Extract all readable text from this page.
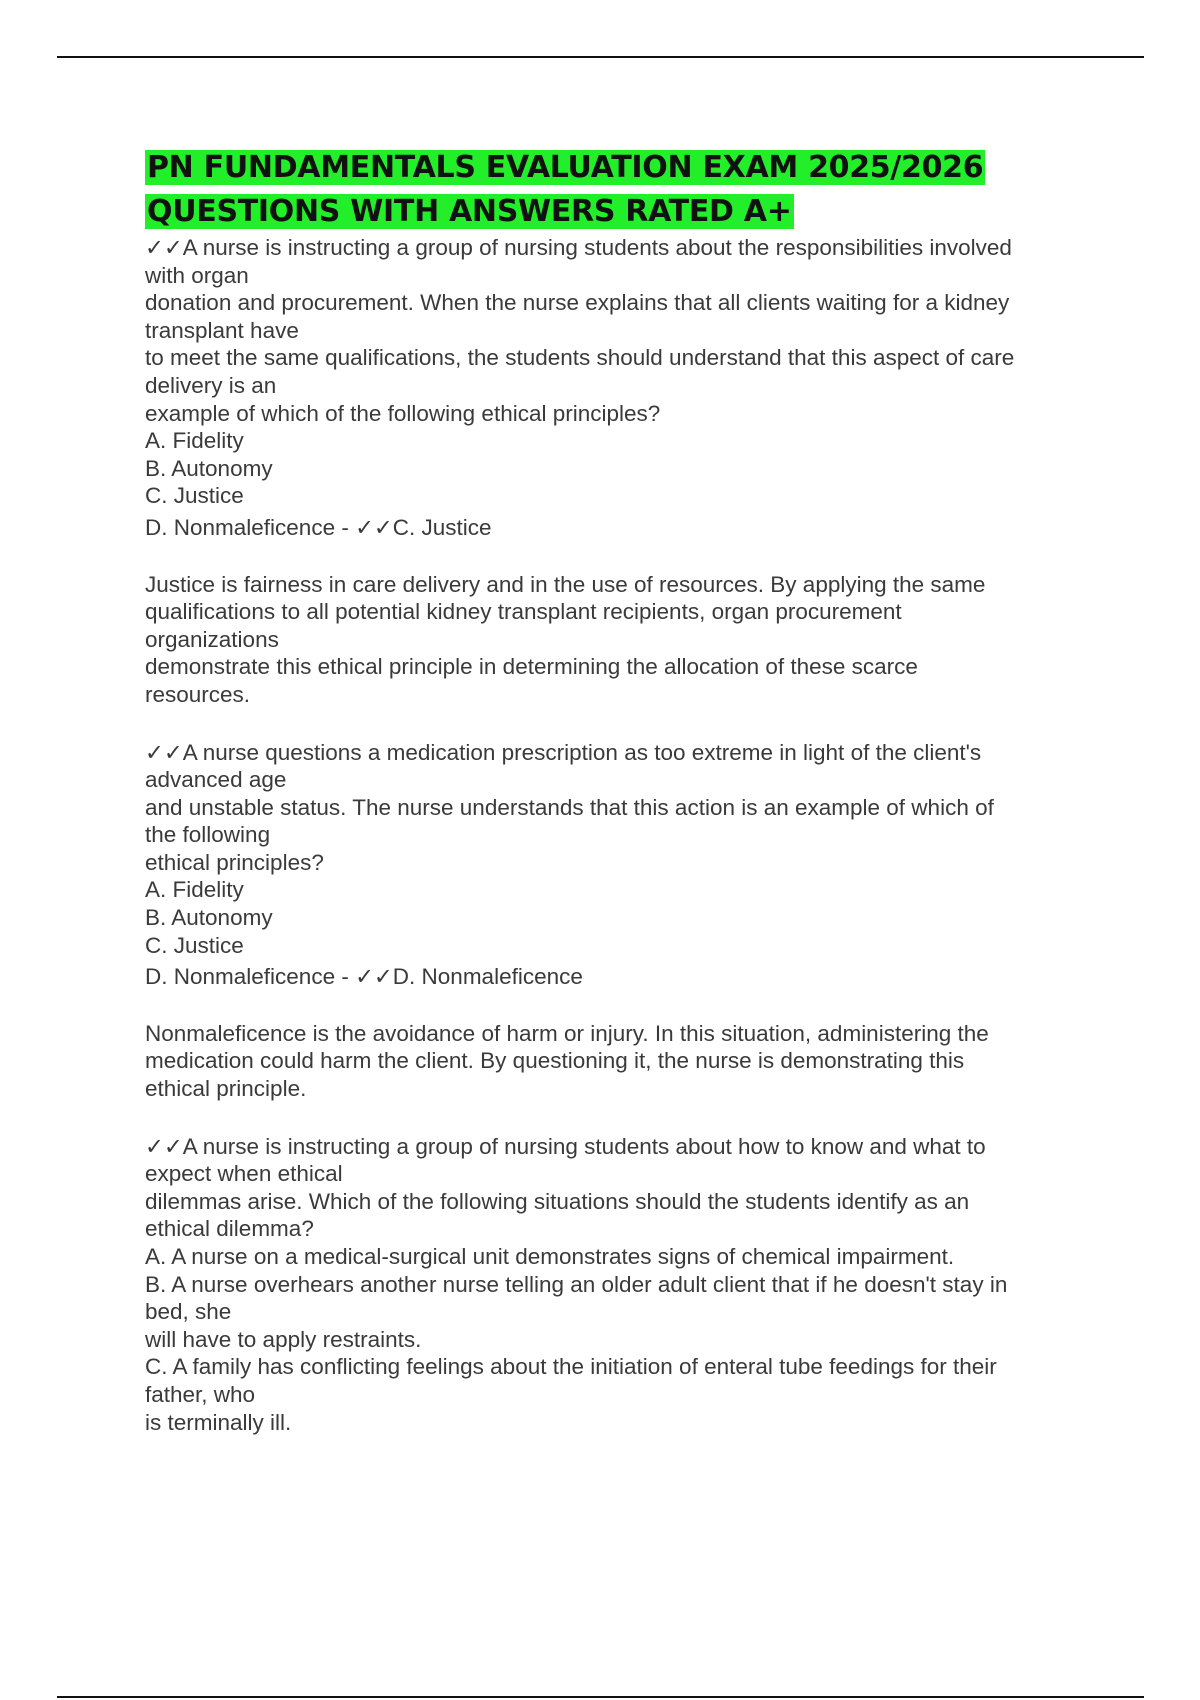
PN FUNDAMENTALS EVALUATION EXAM 2025/2026
QUESTIONS WITH ANSWERS RATED A+

✓✓A nurse is instructing a group of nursing students about the responsibilities involved

with organ

donation and procurement. When the nurse explains that all clients waiting for a kidney

transplant have

to meet the same qualifications, the students should understand that this aspect of care

delivery is an

example of which of the following ethical principles?

A. Fidelity

B. Autonomy

C. Justice

D. Nonmaleficence - ✓✓C. Justice

Justice is fairness in care delivery and in the use of resources. By applying the same

qualifications to all potential kidney transplant recipients, organ procurement

organizations

demonstrate this ethical principle in determining the allocation of these scarce

resources.

✓✓A nurse questions a medication prescription as too extreme in light of the client's

advanced age

and unstable status. The nurse understands that this action is an example of which of

the following

ethical principles?

A. Fidelity

B. Autonomy

C. Justice

D. Nonmaleficence - ✓✓D. Nonmaleficence

Nonmaleficence is the avoidance of harm or injury. In this situation, administering the

medication could harm the client. By questioning it, the nurse is demonstrating this

ethical principle.

✓✓A nurse is instructing a group of nursing students about how to know and what to

expect when ethical

dilemmas arise. Which of the following situations should the students identify as an

ethical dilemma?

A. A nurse on a medical-surgical unit demonstrates signs of chemical impairment.

B. A nurse overhears another nurse telling an older adult client that if he doesn't stay in

bed, she

will have to apply restraints.

C. A family has conflicting feelings about the initiation of enteral tube feedings for their

father, who

is terminally ill.
